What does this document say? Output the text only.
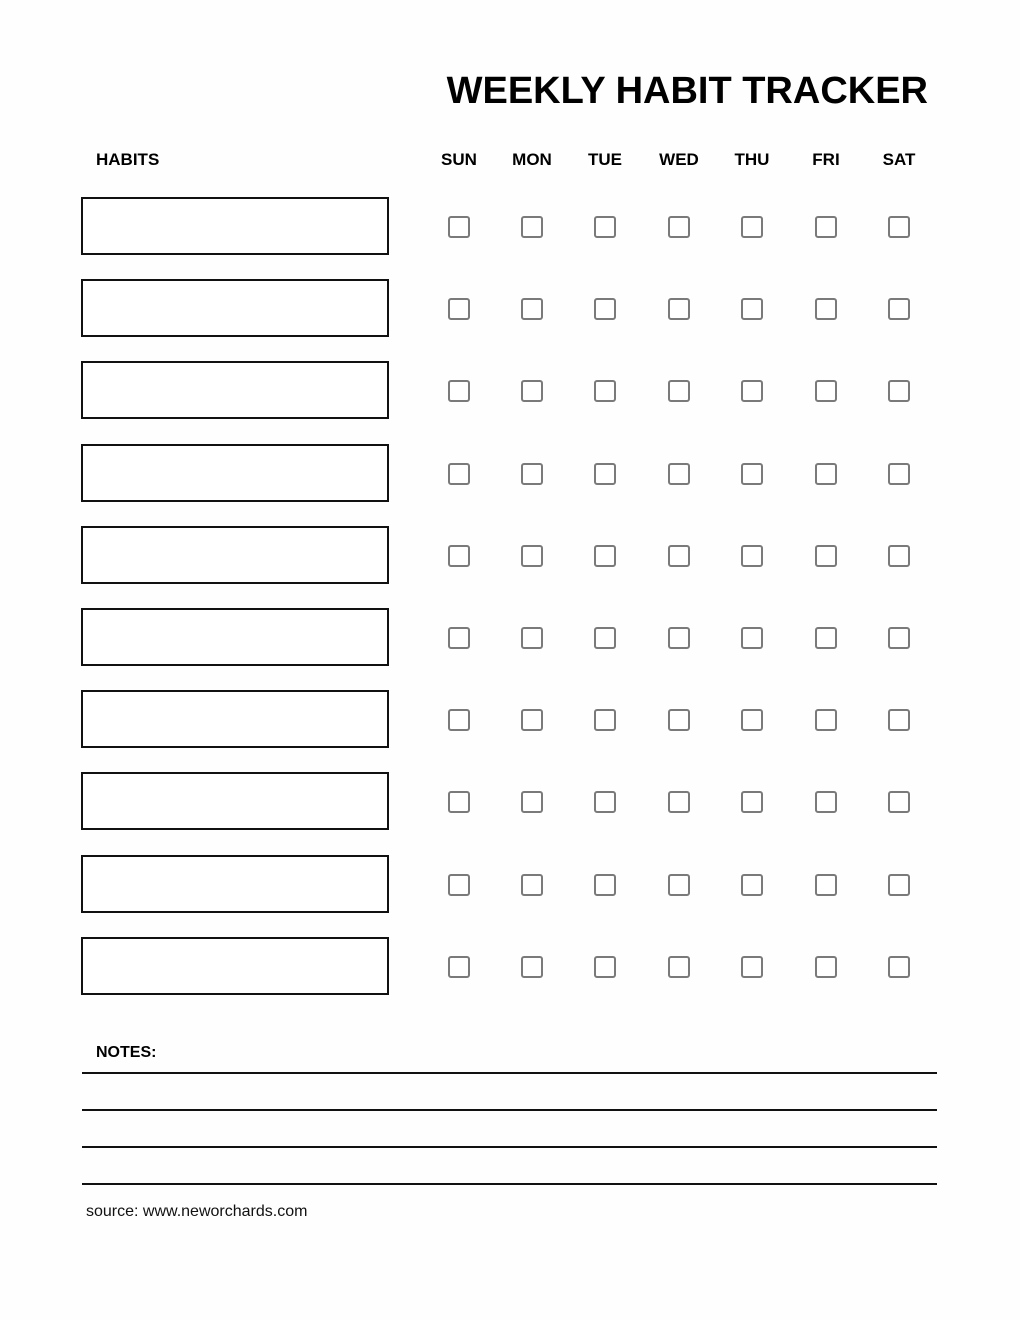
WEEKLY HABIT TRACKER
HABITS	SUN	MON	TUE	WED	THU	FRI	SAT
NOTES:
source: www.neworchards.com
